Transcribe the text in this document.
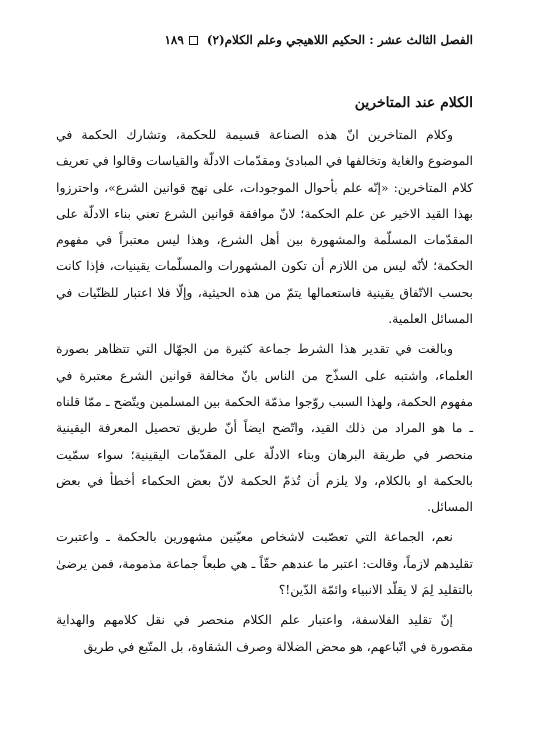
الفصل الثالث عشر : الحكيم اللاهيجي وعلم الكلام(٢)
١٨٩
الكلام عند المتاخرين

وكلام المتاخرين انّ هذه الصناعة قسيمة للحكمة، وتشارك الحكمة في الموضوع والغاية وتخالفها في المبادئ ومقدّمات الادلّة والقياسات وقالوا في تعريف كلام المتاخرين: «إنّه علم بأحوال الموجودات، على نهج قوانين الشرع»، واحترزوا بهذا القيد الاخير عن علم الحكمة؛ لانّ موافقة قوانين الشرع تعني بناء الادلّة على المقدّمات المسلّمة والمشهورة بين أهل الشرع، وهذا ليس معتبراً في مفهوم الحكمة؛ لأنّه ليس من اللازم أن تكون المشهورات والمسلّمات يقينيات، فإذا كانت بحسب الاتّفاق يقينية فاستعمالها يتمّ من هذه الحيثية، وإلّا فلا اعتبار للظنّيات في المسائل العلمية.

وبالغت في تقدير هذا الشرط جماعة كثيرة من الجهّال التي تتظاهر بصورة العلماء، واشتبه على السذّج من الناس بانّ مخالفة قوانين الشرع معتبرة في مفهوم الحكمة، ولهذا السبب روّجوا مذمّة الحكمة بين المسلمين ويتّضح ـ ممّا قلناه ـ ما هو المراد من ذلك القيد، واتّضح ايضاً أنّ طريق تحصيل المعرفة اليقينية منحصر في طريقة البرهان وبناء الادلّة على المقدّمات اليقينية؛ سواء سمّيت بالحكمة او بالكلام، ولا يلزم أن تُذمّ الحكمة لانّ بعض الحكماء أخطأ في بعض المسائل.

نعم، الجماعة التي تعصّبت لاشخاص معيّنين مشهورين بالحكمة ـ واعتبرت تقليدهم لازماً، وقالت: اعتبر ما عندهم حقّاً ـ هي طبعاً جماعة مذمومة، فمن يرضىٰ بالتقليد لِمَ لا يقلّد الانبياء وائمّة الدّين!؟

إنّ تقليد الفلاسفة، واعتبار علم الكلام منحصر في نقل كلامهم والهداية مقصورة في اتّباعهم، هو محض الضلالة وصرف الشقاوة، بل المتّبع في طريق
